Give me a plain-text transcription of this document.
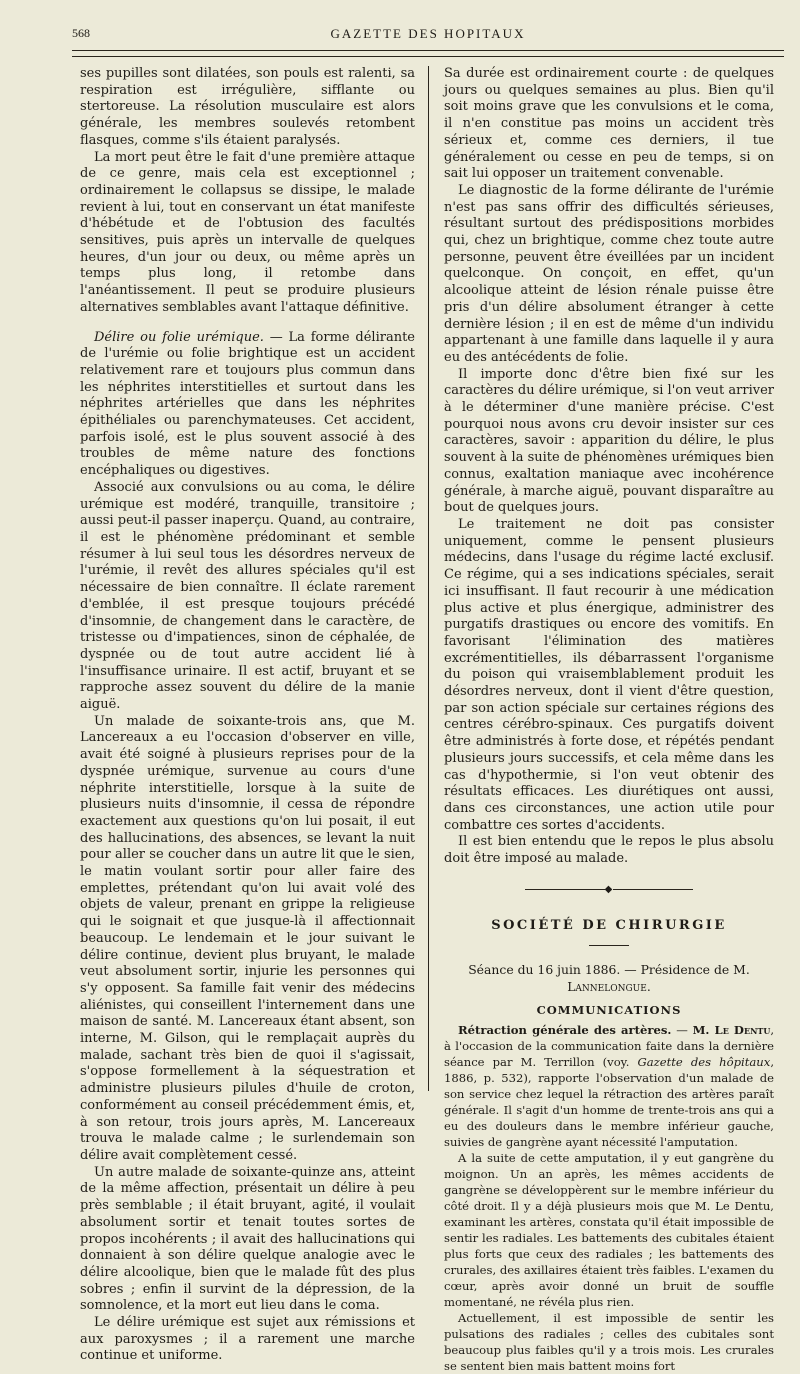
568	GAZETTE DES HOPITAUX

ses pupilles sont dilatées, son pouls est ralenti, sa respiration est irrégulière, sifflante ou stertoreuse. La résolution musculaire est alors générale, les membres soulevés retombent flasques, comme s'ils étaient paralysés.

La mort peut être le fait d'une première attaque de ce genre, mais cela est exceptionnel ; ordinairement le collapsus se dissipe, le malade revient à lui, tout en conservant un état manifeste d'hébétude et de l'obtusion des facultés sensitives, puis après un intervalle de quelques heures, d'un jour ou deux, ou même après un temps plus long, il retombe dans l'anéantissement. Il peut se produire plusieurs alternatives semblables avant l'attaque définitive.

Délire ou folie urémique. — La forme délirante de l'urémie ou folie brightique est un accident relativement rare et toujours plus commun dans les néphrites interstitielles et surtout dans les néphrites artérielles que dans les néphrites épithéliales ou parenchymateuses. Cet accident, parfois isolé, est le plus souvent associé à des troubles de même nature des fonctions encéphaliques ou digestives.

Associé aux convulsions ou au coma, le délire urémique est modéré, tranquille, transitoire ; aussi peut-il passer inaperçu. Quand, au contraire, il est le phénomène prédominant et semble résumer à lui seul tous les désordres nerveux de l'urémie, il revêt des allures spéciales qu'il est nécessaire de bien connaître. Il éclate rarement d'emblée, il est presque toujours précédé d'insomnie, de changement dans le caractère, de tristesse ou d'impatiences, sinon de céphalée, de dyspnée ou de tout autre accident lié à l'insuffisance urinaire. Il est actif, bruyant et se rapproche assez souvent du délire de la manie aiguë.

Un malade de soixante-trois ans, que M. Lancereaux a eu l'occasion d'observer en ville, avait été soigné à plusieurs reprises pour de la dyspnée urémique, survenue au cours d'une néphrite interstitielle, lorsque à la suite de plusieurs nuits d'insomnie, il cessa de répondre exactement aux questions qu'on lui posait, il eut des hallucinations, des absences, se levant la nuit pour aller se coucher dans un autre lit que le sien, le matin voulant sortir pour aller faire des emplettes, prétendant qu'on lui avait volé des objets de valeur, prenant en grippe la religieuse qui le soignait et que jusque-là il affectionnait beaucoup. Le lendemain et le jour suivant le délire continue, devient plus bruyant, le malade veut absolument sortir, injurie les personnes qui s'y opposent. Sa famille fait venir des médecins aliénistes, qui conseillent l'internement dans une maison de santé. M. Lancereaux étant absent, son interne, M. Gilson, qui le remplaçait auprès du malade, sachant très bien de quoi il s'agissait, s'oppose formellement à la séquestration et administre plusieurs pilules d'huile de croton, conformément au conseil précédemment émis, et, à son retour, trois jours après, M. Lancereaux trouva le malade calme ; le surlendemain son délire avait complètement cessé.

Un autre malade de soixante-quinze ans, atteint de la même affection, présentait un délire à peu près semblable ; il était bruyant, agité, il voulait absolument sortir et tenait toutes sortes de propos incohérents ; il avait des hallucinations qui donnaient à son délire quelque analogie avec le délire alcoolique, bien que le malade fût des plus sobres ; enfin il survint de la dépression, de la somnolence, et la mort eut lieu dans le coma.

Le délire urémique est sujet aux rémissions et aux paroxysmes ; il a rarement une marche continue et uniforme.

Sa durée est ordinairement courte : de quelques jours ou quelques semaines au plus. Bien qu'il soit moins grave que les convulsions et le coma, il n'en constitue pas moins un accident très sérieux et, comme ces derniers, il tue généralement ou cesse en peu de temps, si on sait lui opposer un traitement convenable.

Le diagnostic de la forme délirante de l'urémie n'est pas sans offrir des difficultés sérieuses, résultant surtout des prédispositions morbides qui, chez un brightique, comme chez toute autre personne, peuvent être éveillées par un incident quelconque. On conçoit, en effet, qu'un alcoolique atteint de lésion rénale puisse être pris d'un délire absolument étranger à cette dernière lésion ; il en est de même d'un individu appartenant à une famille dans laquelle il y aura eu des antécédents de folie.

Il importe donc d'être bien fixé sur les caractères du délire urémique, si l'on veut arriver à le déterminer d'une manière précise. C'est pourquoi nous avons cru devoir insister sur ces caractères, savoir : apparition du délire, le plus souvent à la suite de phénomènes urémiques bien connus, exaltation maniaque avec incohérence générale, à marche aiguë, pouvant disparaître au bout de quelques jours.

Le traitement ne doit pas consister uniquement, comme le pensent plusieurs médecins, dans l'usage du régime lacté exclusif. Ce régime, qui a ses indications spéciales, serait ici insuffisant. Il faut recourir à une médication plus active et plus énergique, administrer des purgatifs drastiques ou encore des vomitifs. En favorisant l'élimination des matières excrémentitielles, ils débarrassent l'organisme du poison qui vraisemblablement produit les désordres nerveux, dont il vient d'être question, par son action spéciale sur certaines régions des centres cérébro-spinaux. Ces purgatifs doivent être administrés à forte dose, et répétés pendant plusieurs jours successifs, et cela même dans les cas d'hypothermie, si l'on veut obtenir des résultats efficaces. Les diurétiques ont aussi, dans ces circonstances, une action utile pour combattre ces sortes d'accidents.

Il est bien entendu que le repos le plus absolu doit être imposé au malade.

◆
SOCIÉTÉ DE CHIRURGIE

Séance du 16 juin 1886. — Présidence de M. Lannelongue.

COMMUNICATIONS

Rétraction générale des artères. — M. Le Dentu, à l'occasion de la communication faite dans la dernière séance par M. Terrillon (voy. Gazette des hôpitaux, 1886, p. 532), rapporte l'observation d'un malade de son service chez lequel la rétraction des artères paraît générale. Il s'agit d'un homme de trente-trois ans qui a eu des douleurs dans le membre inférieur gauche, suivies de gangrène ayant nécessité l'amputation.

A la suite de cette amputation, il y eut gangrène du moignon. Un an après, les mêmes accidents de gangrène se développèrent sur le membre inférieur du côté droit. Il y a déjà plusieurs mois que M. Le Dentu, examinant les artères, constata qu'il était impossible de sentir les radiales. Les battements des cubitales étaient plus forts que ceux des radiales ; les battements des crurales, des axillaires étaient très faibles. L'examen du cœur, après avoir donné un bruit de souffle momentané, ne révéla plus rien.

Actuellement, il est impossible de sentir les pulsations des radiales ; celles des cubitales sont beaucoup plus faibles qu'il y a trois mois. Les crurales se sentent bien mais battent moins fort
